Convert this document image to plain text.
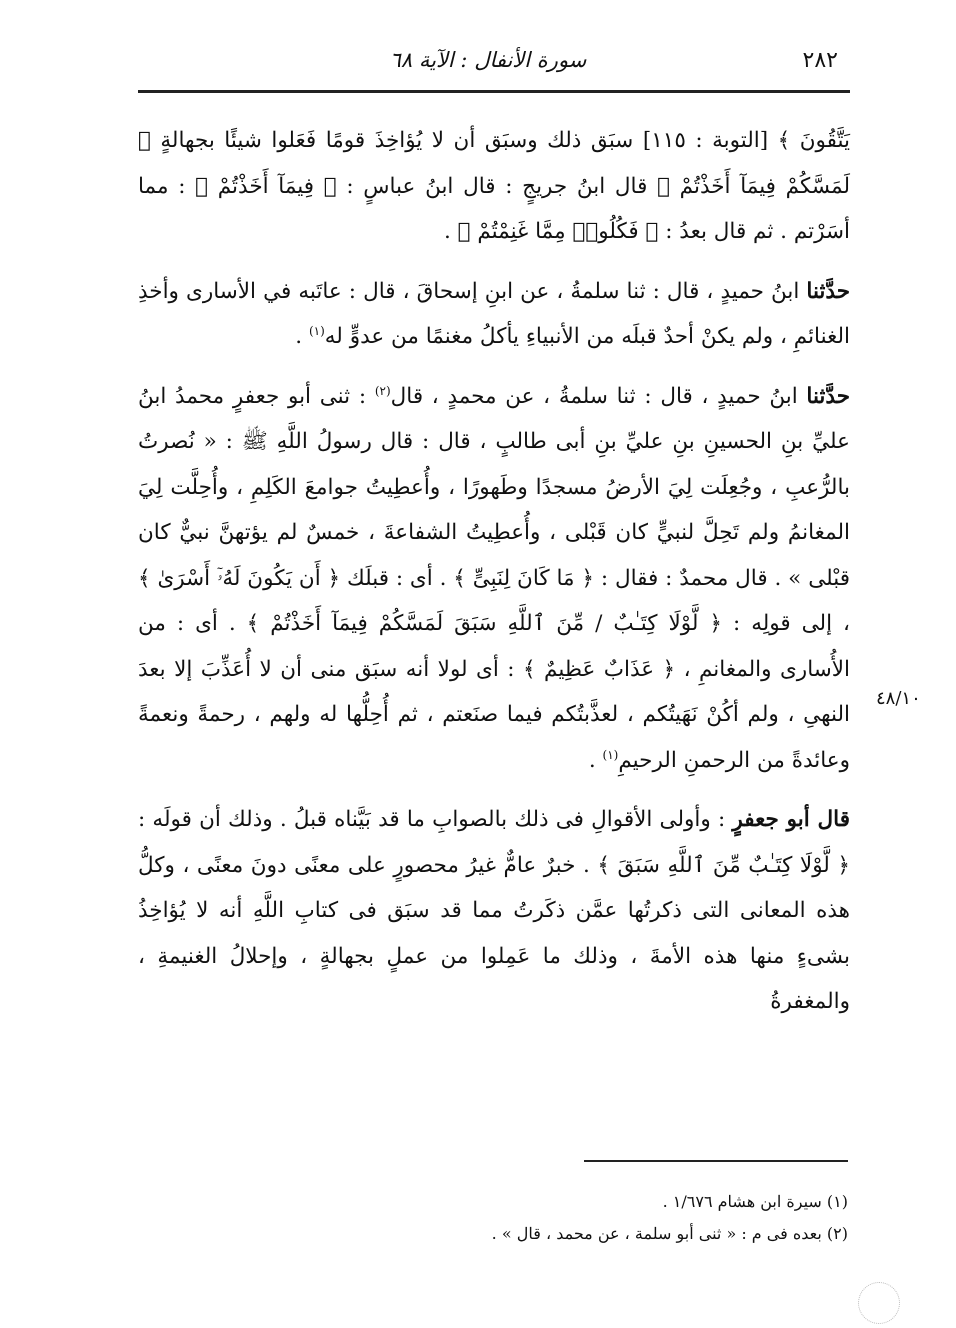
٢٨٢
سورة الأنفال : الآية ٦٨
٤٨/١٠

يَتَّقُونَ ﴾ [التوبة : ١١٥] سبَق ذلك وسبَق أن لا يُؤاخِذَ قومًا فَعَلوا شيئًا بجهالةٍ ﴿ لَمَسَّكُمْ فِيمَآ أَخَذْتُمْ ﴾ قال ابنُ جريجٍ : قال ابنُ عباسٍ : ﴿ فِيمَآ أَخَذْتُمْ ﴾ : مما أسَرْتم . ثم قال بعدُ : ﴿ فَكُلُوا۟ مِمَّا غَنِمْتُمْ ﴾ .

حدَّثنا ابنُ حميدٍ ، قال : ثنا سلمةُ ، عن ابنِ إسحاقَ ، قال : عاتَبه في الأسارى وأخذِ الغنائمِ ، ولم يكنْ أحدٌ قبلَه من الأنبياءِ يأكلُ مغنمًا من عدوٍّ له$^{(١)}$ .

حدَّثنا ابنُ حميدٍ ، قال : ثنا سلمةُ ، عن محمدٍ ، قال$^{(٢)}$ : ثنى أبو جعفرٍ محمدُ ابنُ عليِّ بنِ الحسينِ بنِ عليِّ بنِ أبى طالبٍ ، قال : قال رسولُ اللَّهِ ﷺ : « نُصرتُ بالرُّعبِ ، وجُعِلَت لِيَ الأرضُ مسجدًا وطَهورًا ، وأُعطِيتُ جوامعَ الكَلِمِ ، وأُحِلَّت لِيَ المغانمُ ولم تَحِلَّ لنبيٍّ كان قَبْلى ، وأُعطِيتُ الشفاعةَ ، خمسٌ لم يؤتهنَّ نبيٌّ كان قبْلى » . قال محمدٌ : فقال : ﴿ مَا كَانَ لِنَبِىٍّ ﴾ . أى : قبلَك ﴿ أَن يَكُونَ لَهُۥٓ أَسْرَىٰ ﴾ ، إلى قولِه : ﴿ لَّوْلَا كِتَـٰبٌ / مِّنَ ٱللَّهِ سَبَقَ لَمَسَّكُمْ فِيمَآ أَخَذْتُمْ ﴾ . أى : من الأُسارى والمغانمِ ، ﴿ عَذَابٌ عَظِيمٌ ﴾ : أى لولا أنه سبَق منى أن لا أُعَذِّبَ إلا بعدَ النهىِ ، ولم أكُنْ نَهَيتُكم ، لعذَّبتُكم فيما صنَعتم ، ثم أُحِلُّها له ولهم ، رحمةً ونعمةً وعائدةً من الرحمنِ الرحيمِ$^{(١)}$ .

قال أبو جعفرٍ : وأولى الأقوالِ فى ذلك بالصوابِ ما قد بَيَّناه قبلُ . وذلك أن قولَه : ﴿ لَّوْلَا كِتَـٰبٌ مِّنَ ٱللَّهِ سَبَقَ ﴾ . خبرٌ عامٌّ غيرُ محصورٍ على معنًى دونَ معنًى ، وكلُّ هذه المعانى التى ذكرتُها عمَّن ذكَرتُ مما قد سبَق فى كتابِ اللَّهِ أنه لا يُؤاخِذُ بشىءٍ منها هذه الأمةَ ، وذلك ما عَمِلوا من عملٍ بجهالةٍ ، وإحلالُ الغنيمةِ ، والمغفرةُ

(١) سيرة ابن هشام ١/٦٧٦ .
(٢) بعده فى م : « ثنى أبو سلمة ، عن محمد ، قال » .
